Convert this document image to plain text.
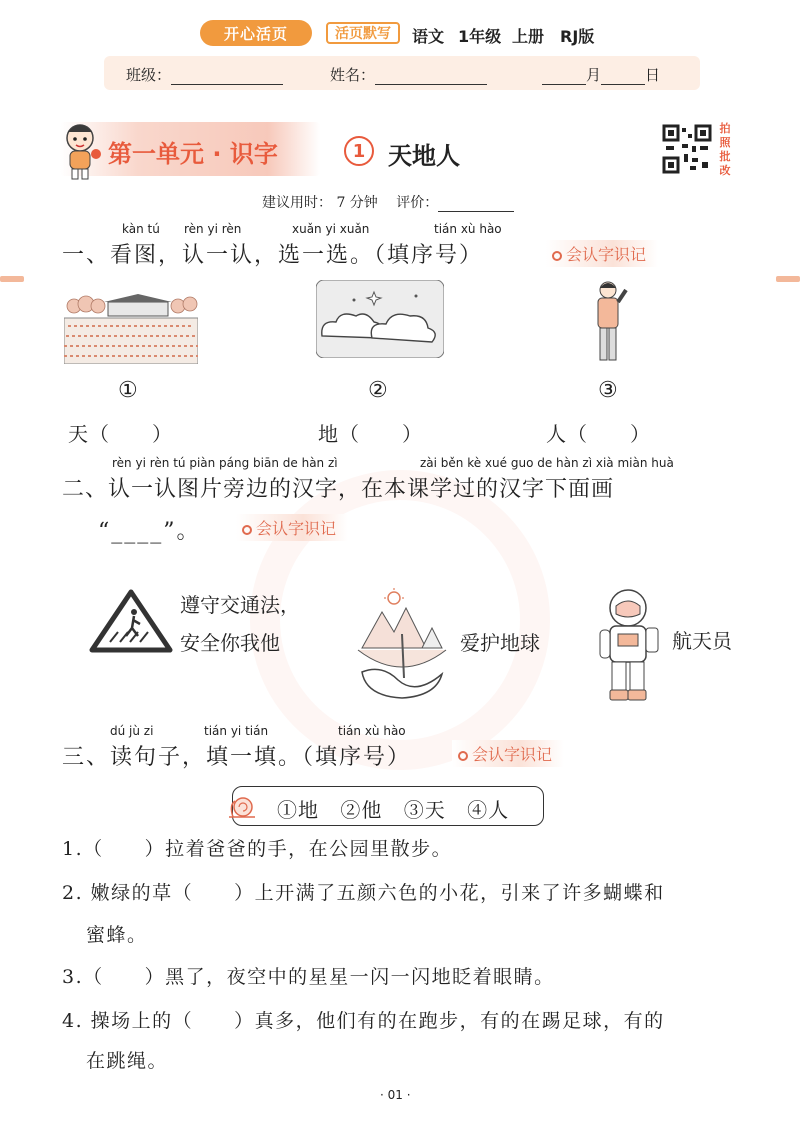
开心活页	活页默写	语文 1年级 上册 RJ版
班级：	姓名：	月	日
第一单元 · 识字	1 天地人
拍照批改
建议用时： 7 分钟 评价：
kàn tú rèn yi rèn	xuǎn yi xuǎn	tián xù hào
一、看图，认一认，选一选。（填序号）	会认字识记
①	②	③
天（　　）	地（　　）	人（　　）
rèn yi rèn tú piàn páng biān de hàn zì	zài běn kè xué guo de hàn zì xià miàn huà
二、认一认图片旁边的汉字，在本课学过的汉字下面画
“____”。	会认字识记
遵守交通法，
安全你我他	爱护地球	航天员
dú jù zi	tián yi tián	tián xù hào
三、读句子，填一填。（填序号）	会认字识记
①地 ②他 ③天 ④人
1.（　　）拉着爸爸的手，在公园里散步。
2. 嫩绿的草（　　）上开满了五颜六色的小花，引来了许多蝴蝶和
蜜蜂。
3.（　　）黑了，夜空中的星星一闪一闪地眨着眼睛。
4. 操场上的（　　）真多，他们有的在跑步，有的在踢足球，有的
在跳绳。
· 01 ·
